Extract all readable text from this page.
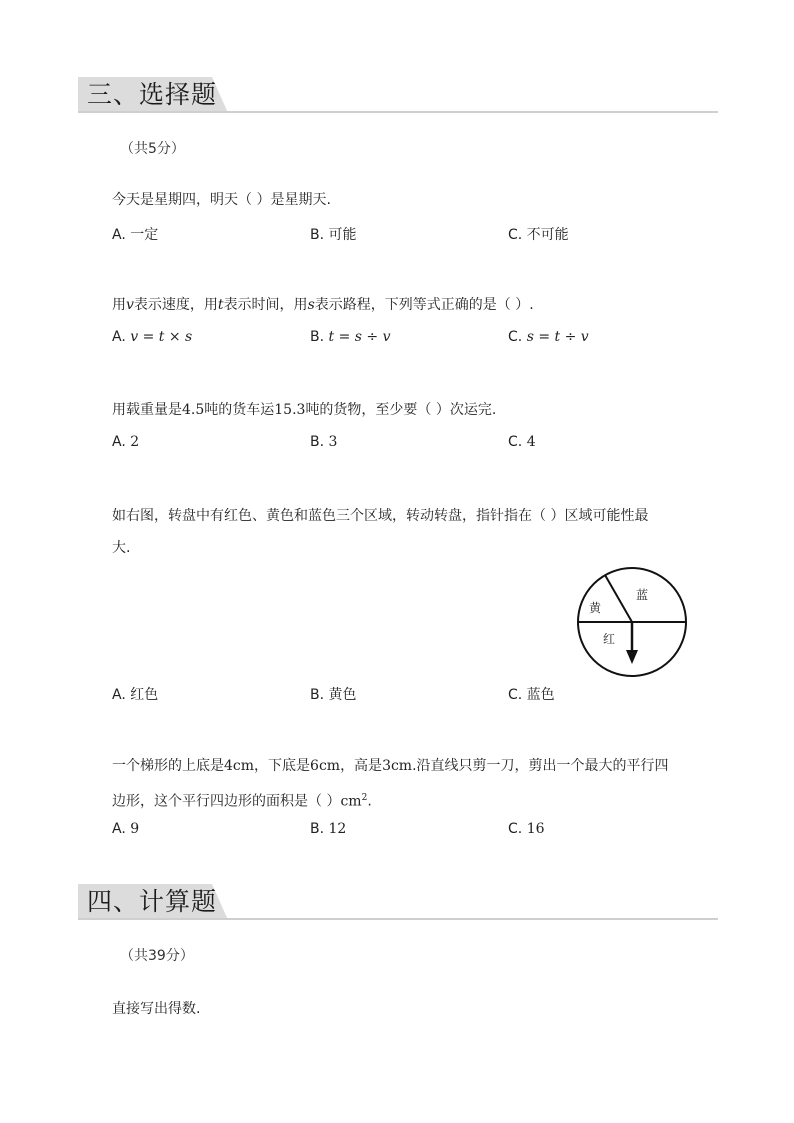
三、选择题
（共5分）
今天是星期四，明天（ ）是星期天.
A. 一定	B. 可能	C. 不可能
用v表示速度，用t表示时间，用s表示路程，下列等式正确的是（ ）.
A. v = t × s	B. t = s ÷ v	C. s = t ÷ v
用载重量是4.5吨的货车运15.3吨的货物，至少要（ ）次运完.
A. 2	B. 3	C. 4
如右图，转盘中有红色、黄色和蓝色三个区域，转动转盘，指针指在（ ）区域可能性最
大.
蓝
黄
红
A. 红色	B. 黄色	C. 蓝色
一个梯形的上底是4cm，下底是6cm，高是3cm.沿直线只剪一刀，剪出一个最大的平行四
边形，这个平行四边形的面积是（ ）$cm^2$.
A. 9	B. 12	C. 16
四、计算题
（共39分）
直接写出得数.
